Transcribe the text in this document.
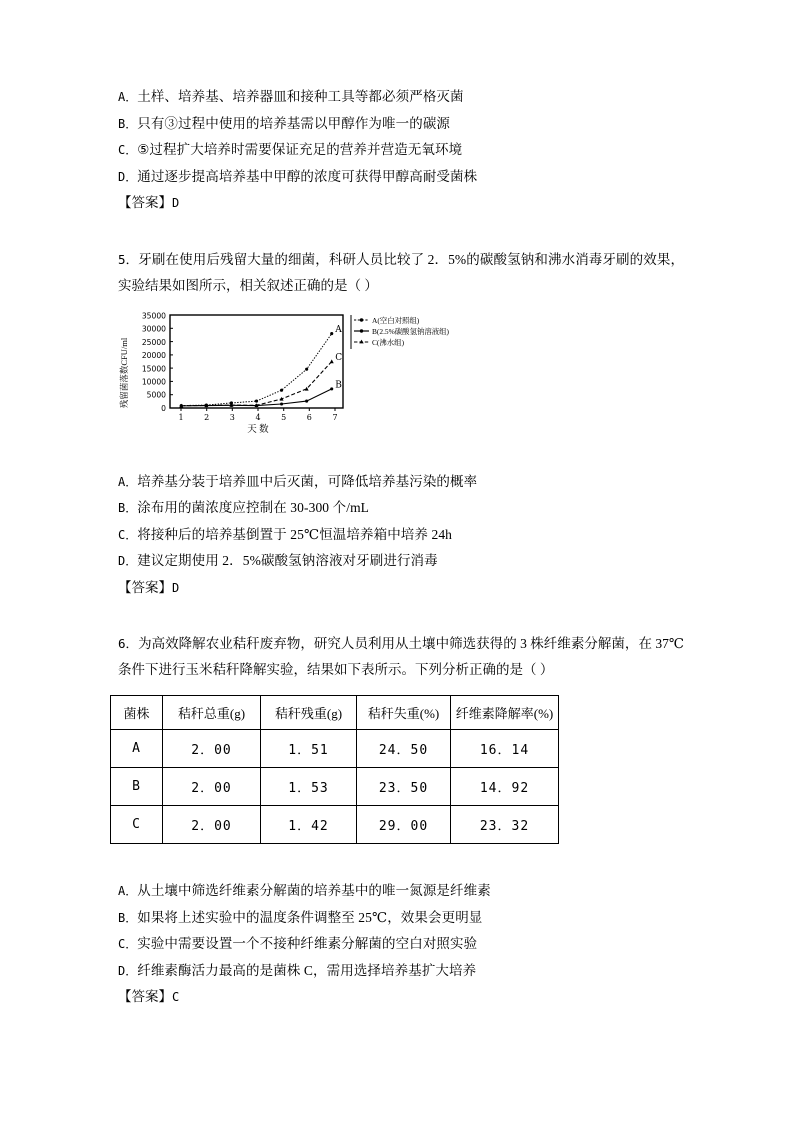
A．土样、培养基、培养器皿和接种工具等都必须严格灭菌
B．只有③过程中使用的培养基需以甲醇作为唯一的碳源
C．⑤过程扩大培养时需要保证充足的营养并营造无氧环境
D．通过逐步提高培养基中甲醇的浓度可获得甲醇高耐受菌株
【答案】D
5．牙刷在使用后残留大量的细菌，科研人员比较了 2．5%的碳酸氢钠和沸水消毒牙刷的效果，实验结果如图所示，相关叙述正确的是（ ）
残留菌落数CFU/ml
35000
30000
25000
20000
15000
10000
5000
0
1	2	3	4	5	6	7
天 数
A
C
B
A(空白对照组)
B(2.5%碳酸氢钠溶液组)
C(沸水组)
A．培养基分装于培养皿中后灭菌，可降低培养基污染的概率
B．涂布用的菌浓度应控制在 30-300 个/mL
C．将接种后的培养基倒置于 25℃恒温培养箱中培养 24h
D．建议定期使用 2．5%碳酸氢钠溶液对牙刷进行消毒
【答案】D
6．为高效降解农业秸秆废弃物，研究人员利用从土壤中筛选获得的 3 株纤维素分解菌，在 37℃条件下进行玉米秸秆降解实验，结果如下表所示。下列分析正确的是（ ）
菌株	秸秆总重(g)	秸秆残重(g)	秸秆失重(%)	纤维素降解率(%)
A	2．00	1．51	24．50	16．14
B	2．00	1．53	23．50	14．92
C	2．00	1．42	29．00	23．32
A．从土壤中筛选纤维素分解菌的培养基中的唯一氮源是纤维素
B．如果将上述实验中的温度条件调整至 25℃，效果会更明显
C．实验中需要设置一个不接种纤维素分解菌的空白对照实验
D．纤维素酶活力最高的是菌株 C，需用选择培养基扩大培养
【答案】C
